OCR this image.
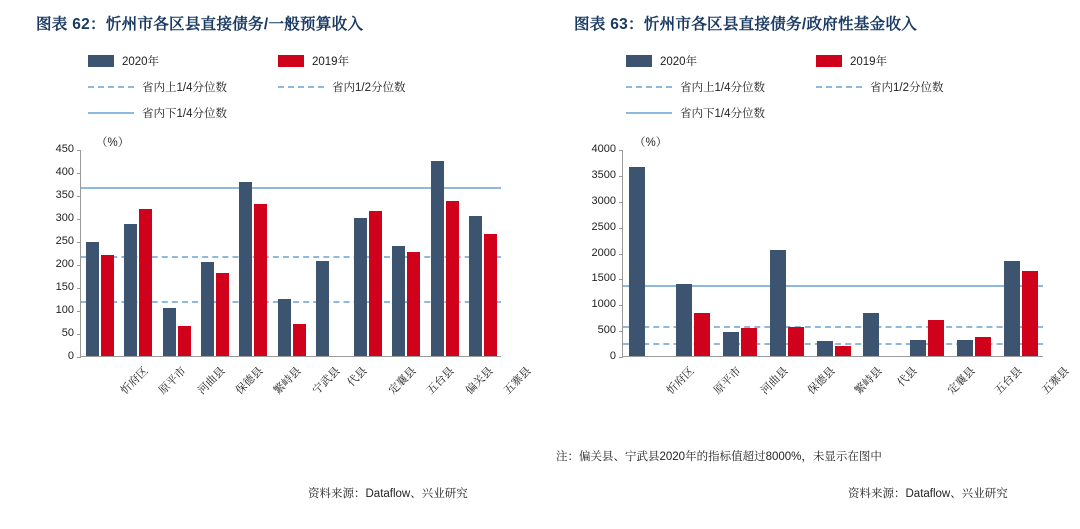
图表 62：忻州市各区县直接债务/一般预算收入
2020年	2019年
省内上1/4分位数	省内1/2分位数
省内下1/4分位数
（%）
0
50
100
150
200
250
300
350
400
450
忻府区 原平市 河曲县 保德县 繁峙县 宁武县 代县 定襄县 五台县 偏关县 五寨县
资料来源：Dataflow、兴业研究
图表 63：忻州市各区县直接债务/政府性基金收入
2020年	2019年
省内上1/4分位数	省内1/2分位数
省内下1/4分位数
（%）
0
500
1000
1500
2000
2500
3000
3500
4000
忻府区 原平市 河曲县 保德县 繁峙县 代县 定襄县 五台县 五寨县
注：偏关县、宁武县2020年的指标值超过8000%，未显示在图中
资料来源：Dataflow、兴业研究
